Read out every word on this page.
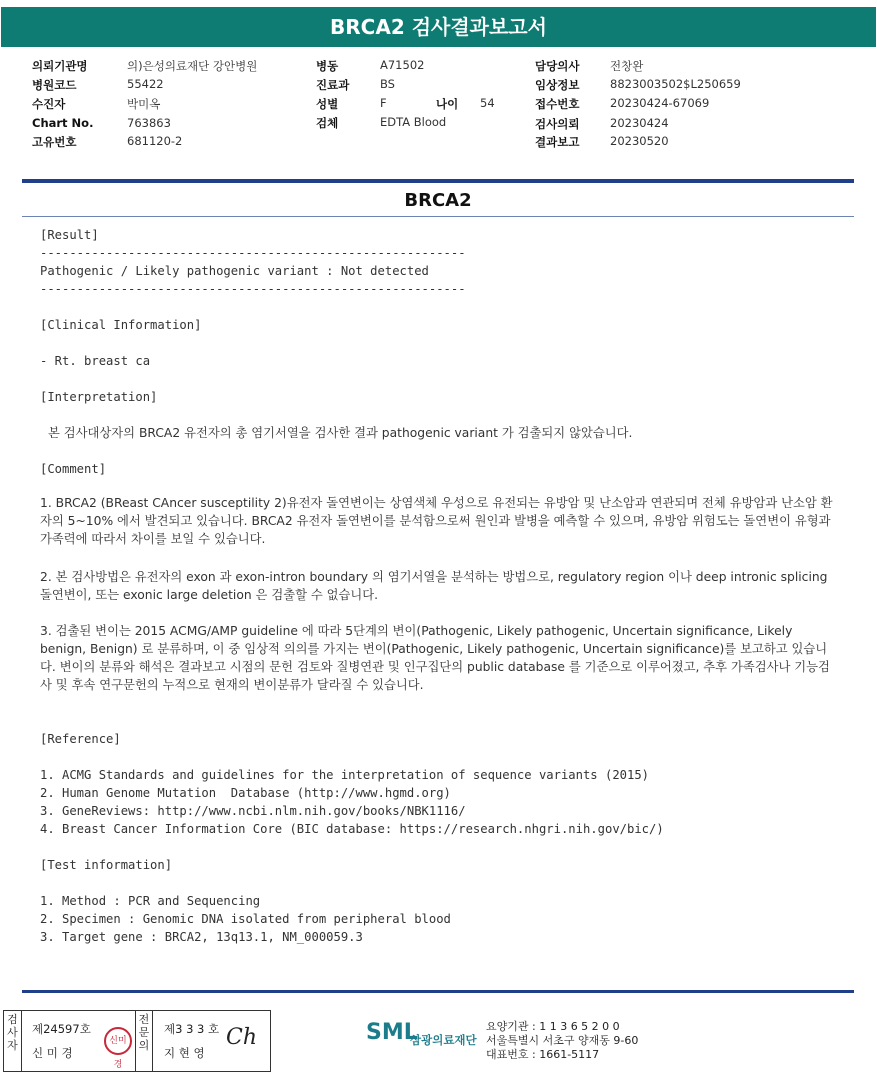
BRCA2 검사결과보고서
의뢰기관명	의)은성의료재단 강안병원
병원코드	55422
수진자	박미옥
Chart No.	763863
고유번호	681120-2
병동	A71502
진료과	BS
성별	F	나이 54
검체	EDTA Blood
담당의사	전창완
임상정보	8823003502$L250659
접수번호	20230424-67069
검사의뢰	20230424
결과보고	20230520
BRCA2
[Result]
----------------------------------------------------------
Pathogenic / Likely pathogenic variant : Not detected
----------------------------------------------------------
[Clinical Information]
- Rt. breast ca
[Interpretation]
본 검사대상자의 BRCA2 유전자의 총 염기서열을 검사한 결과 pathogenic variant 가 검출되지 않았습니다.
[Comment]
1. BRCA2 (BReast CAncer susceptility 2)유전자 돌연변이는 상염색체 우성으로 유전되는 유방암 및 난소암과 연관되며 전체 유방암과 난소암 환자의 5~10% 에서 발견되고 있습니다. BRCA2 유전자 돌연변이를 분석함으로써 원인과 발병을 예측할 수 있으며, 유방암 위험도는 돌연변이 유형과 가족력에 따라서 차이를 보일 수 있습니다.
2. 본 검사방법은 유전자의 exon 과 exon-intron boundary 의 염기서열을 분석하는 방법으로, regulatory region 이나 deep intronic splicing 돌연변이, 또는 exonic large deletion 은 검출할 수 없습니다.
3. 검출된 변이는 2015 ACMG/AMP guideline 에 따라 5단계의 변이(Pathogenic, Likely pathogenic, Uncertain significance, Likely benign, Benign) 로 분류하며, 이 중 임상적 의의를 가지는 변이(Pathogenic, Likely pathogenic, Uncertain significance)를 보고하고 있습니다. 변이의 분류와 해석은 결과보고 시점의 문헌 검토와 질병연관 및 인구집단의 public database 를 기준으로 이루어졌고, 추후 가족검사나 기능검사 및 후속 연구문헌의 누적으로 현재의 변이분류가 달라질 수 있습니다.
[Reference]
1. ACMG Standards and guidelines for the interpretation of sequence variants (2015)
2. Human Genome Mutation  Database (http://www.hgmd.org)
3. GeneReviews: http://www.ncbi.nlm.nih.gov/books/NBK1116/
4. Breast Cancer Information Core (BIC database: https://research.nhgri.nih.gov/bic/)
[Test information]
1. Method : PCR and Sequencing
2. Specimen : Genomic DNA isolated from peripheral blood
3. Target gene : BRCA2, 13q13.1, NM_000059.3
검사자
제24597호
신 미 경
신미경
전문의
제3 3 3 호
지 현 영
Ch	SML
삼광의료재단
요양기관 : 1 1 3 6 5 2 0 0
서울특별시 서초구 양재동 9-60
대표번호 : 1661-5117
